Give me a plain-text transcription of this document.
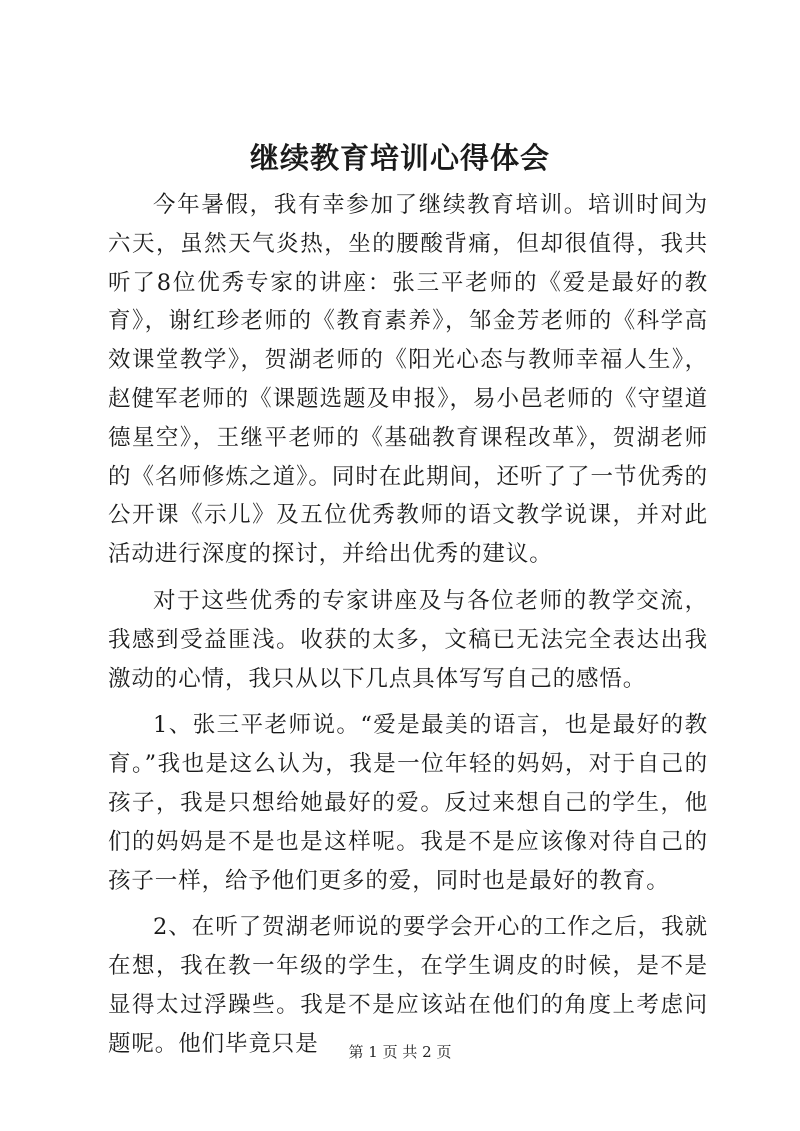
继续教育培训心得体会

今年暑假，我有幸参加了继续教育培训。培训时间为六天，虽然天气炎热，坐的腰酸背痛，但却很值得，我共听了8位优秀专家的讲座：张三平老师的《爱是最好的教育》，谢红珍老师的《教育素养》，邹金芳老师的《科学高效课堂教学》，贺湖老师的《阳光心态与教师幸福人生》，赵健军老师的《课题选题及申报》，易小邑老师的《守望道德星空》，王继平老师的《基础教育课程改革》，贺湖老师的《名师修炼之道》。同时在此期间，还听了了一节优秀的公开课《示儿》及五位优秀教师的语文教学说课，并对此活动进行深度的探讨，并给出优秀的建议。

对于这些优秀的专家讲座及与各位老师的教学交流，我感到受益匪浅。收获的太多，文稿已无法完全表达出我激动的心情，我只从以下几点具体写写自己的感悟。

1、张三平老师说。“爱是最美的语言，也是最好的教育。”我也是这么认为，我是一位年轻的妈妈，对于自己的孩子，我是只想给她最好的爱。反过来想自己的学生，他们的妈妈是不是也是这样呢。我是不是应该像对待自己的孩子一样，给予他们更多的爱，同时也是最好的教育。

2、在听了贺湖老师说的要学会开心的工作之后，我就在想，我在教一年级的学生，在学生调皮的时候，是不是显得太过浮躁些。我是不是应该站在他们的角度上考虑问题呢。他们毕竟只是	第 1 页 共 2 页
